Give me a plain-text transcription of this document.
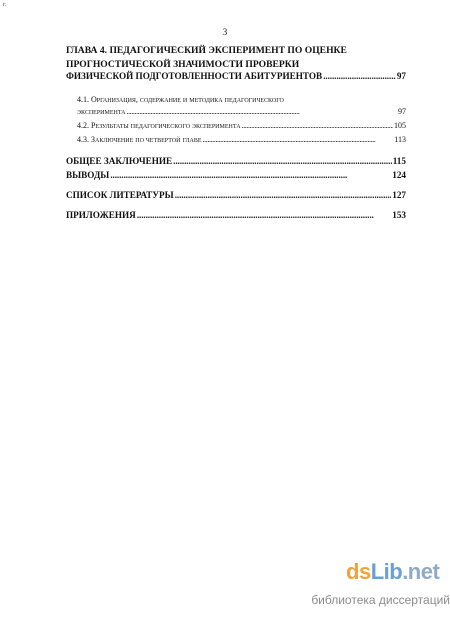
г.
3
ГЛАВА 4. ПЕДАГОГИЧЕСКИЙ ЭКСПЕРИМЕНТ ПО ОЦЕНКЕ
ПРОГНОСТИЧЕСКОЙ ЗНАЧИМОСТИ ПРОВЕРКИ
ФИЗИЧЕСКОЙ ПОДГОТОВЛЕННОСТИ АБИТУРИЕНТОВ . . .	97
4.1. Организация, содержание и методика педагогического
эксперимента . . .	97
4.2. Результаты педагогического эксперимента . . .	105
4.3. Заключение по четвертой главе . . .	113
ОБЩЕЕ ЗАКЛЮЧЕНИЕ . . .	115
ВЫВОДЫ . . .	124
СПИСОК ЛИТЕРАТУРЫ . . .	127
ПРИЛОЖЕНИЯ . . .	153
ds Lib .net
библиотека диссертаций
